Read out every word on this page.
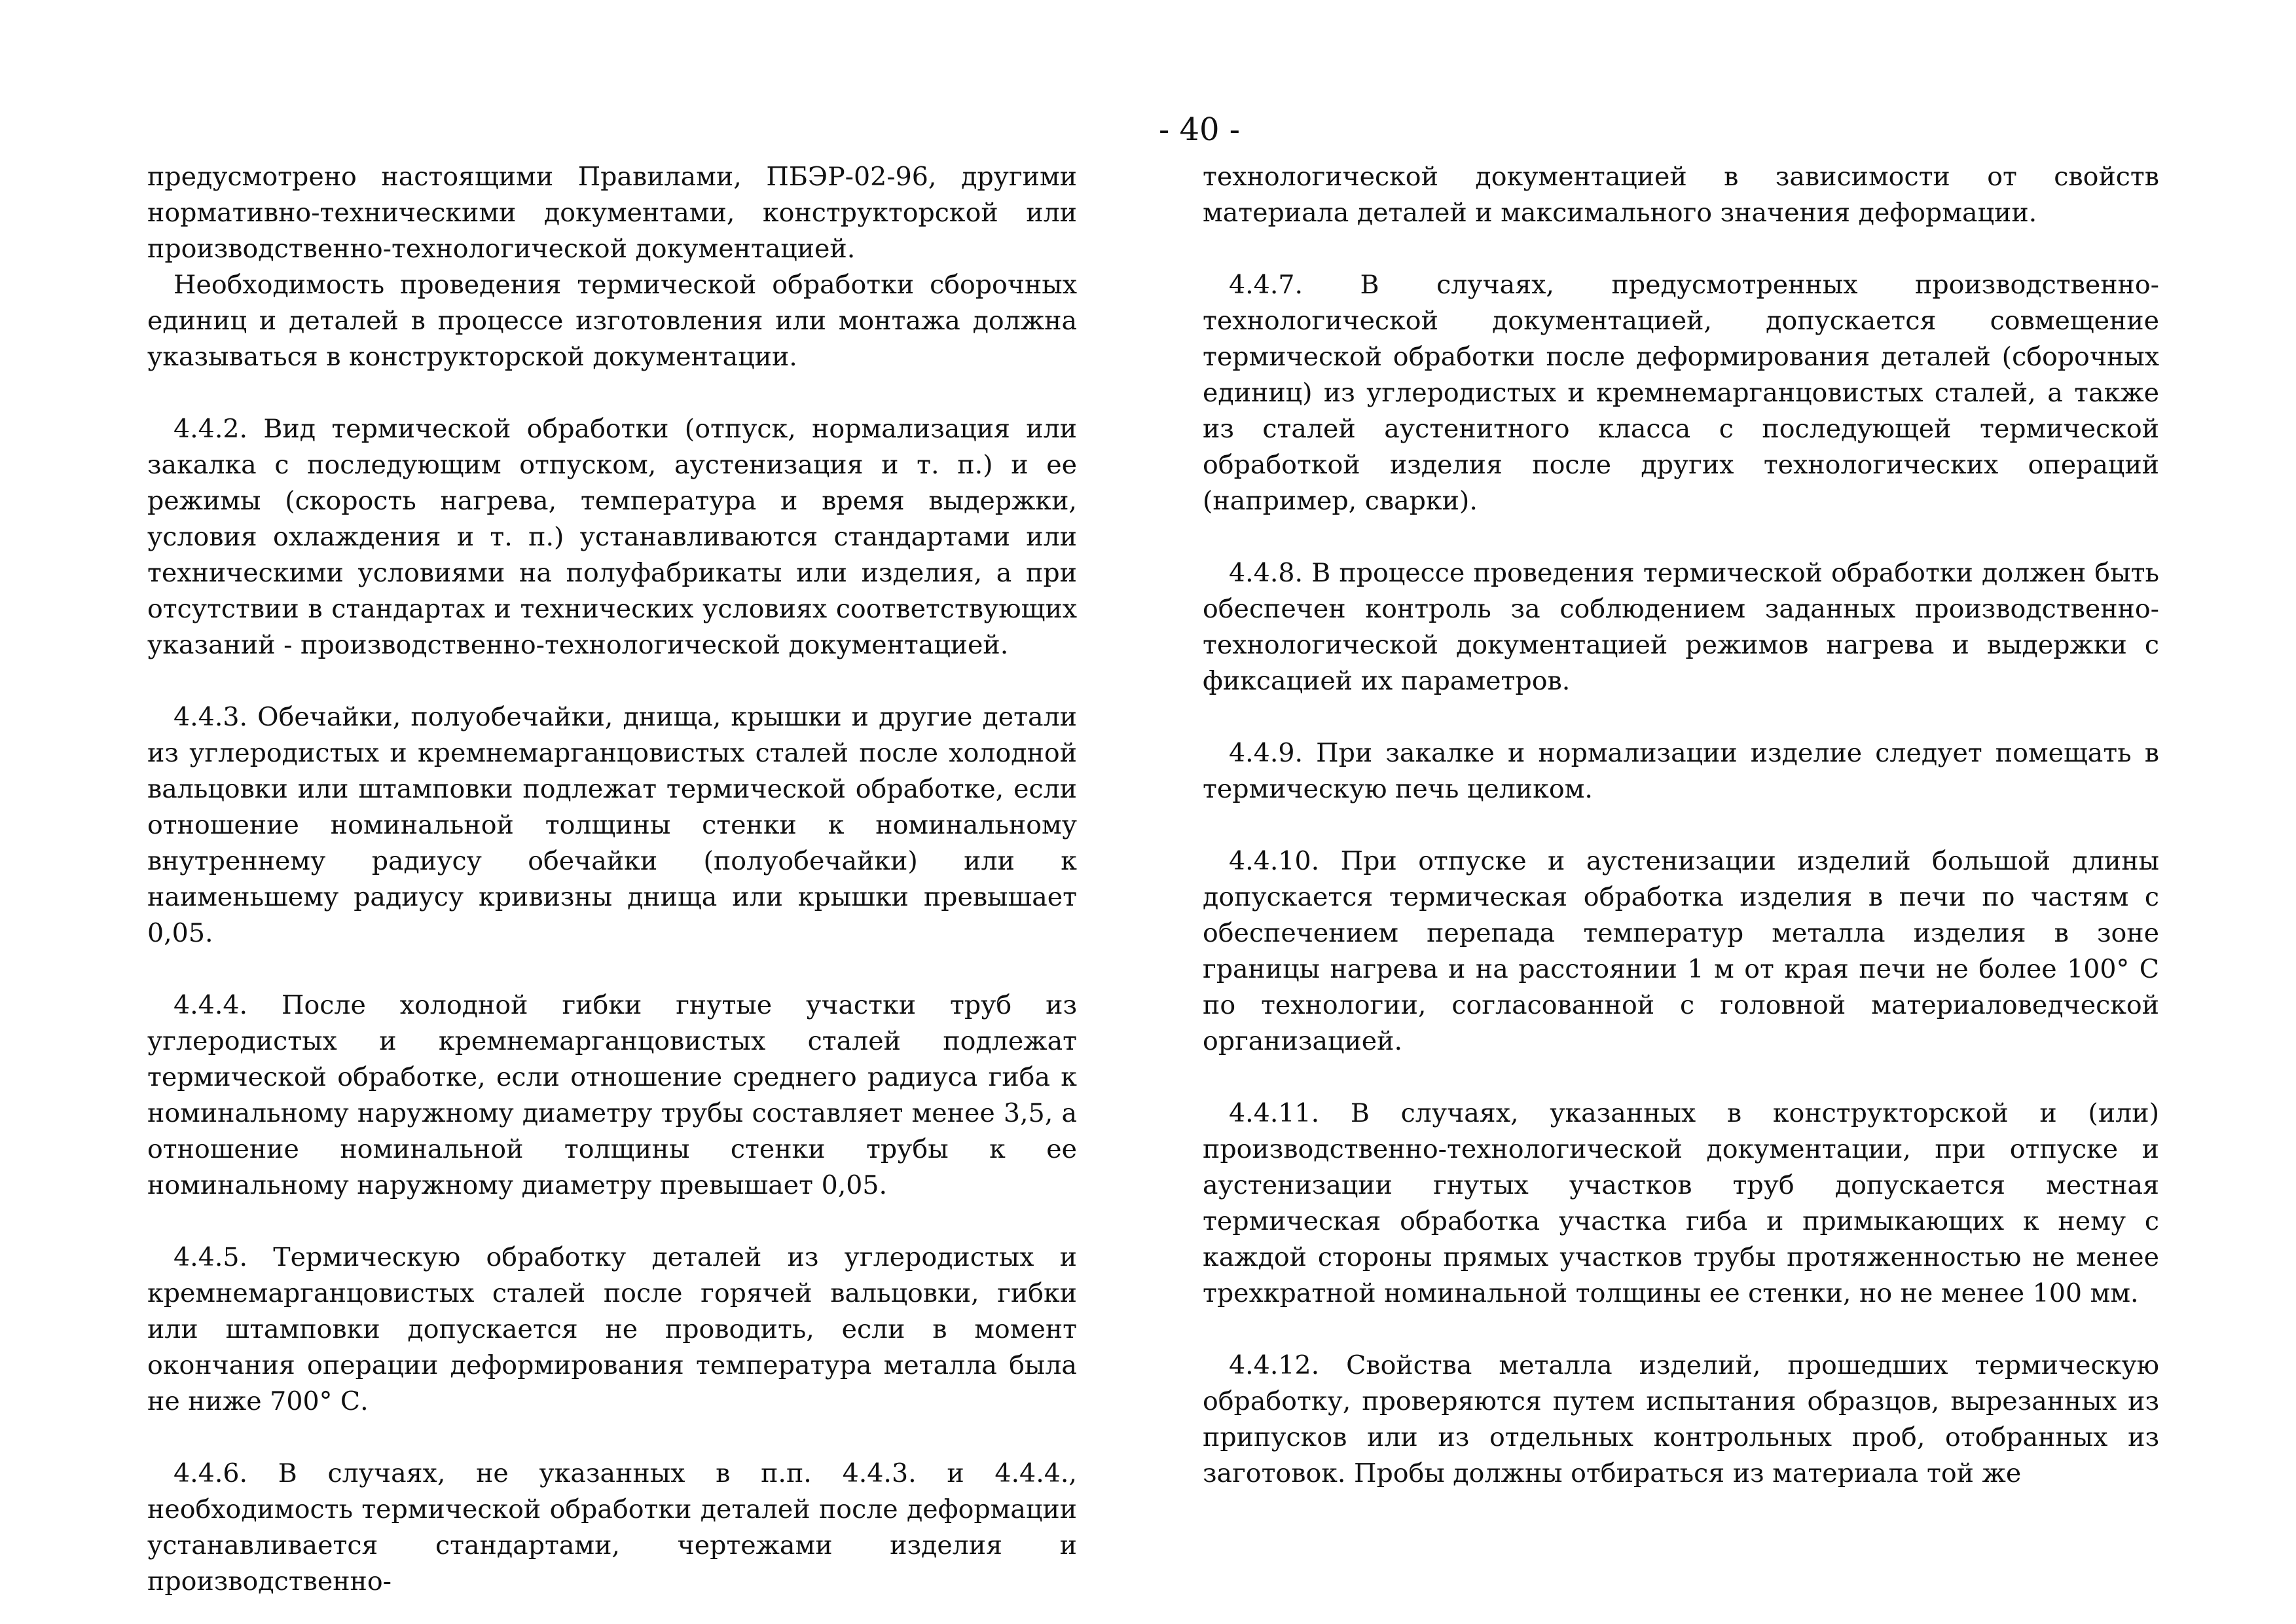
- 40 -

предусмотрено настоящими Правилами, ПБЭР-02-96, другими нормативно-техническими документами, конструкторской или производственно-технологической документацией.

Необходимость проведения термической обработки сборочных единиц и деталей в процессе изготовления или монтажа должна указываться в конструкторской документации.

4.4.2. Вид термической обработки (отпуск, нормализация или закалка с последующим отпуском, аустенизация и т. п.) и ее режимы (скорость нагрева, температура и время выдержки, условия охлаждения и т. п.) устанавливаются стандартами или техническими условиями на полуфабрикаты или изделия, а при отсутствии в стандартах и технических условиях соответствующих указаний - производственно-технологической документацией.

4.4.3. Обечайки, полуобечайки, днища, крышки и другие детали из углеродистых и кремнемарганцовистых сталей после холодной вальцовки или штамповки подлежат термической обработке, если отношение номинальной толщины стенки к номинальному внутреннему радиусу обечайки (полуобечайки) или к наименьшему радиусу кривизны днища или крышки превышает 0,05.

4.4.4. После холодной гибки гнутые участки труб из углеродистых и кремнемарганцовистых сталей подлежат термической обработке, если отношение среднего радиуса гиба к номинальному наружному диаметру трубы составляет менее 3,5, а отношение номинальной толщины стенки трубы к ее номинальному наружному диаметру превышает 0,05.

4.4.5. Термическую обработку деталей из углеродистых и кремнемарганцовистых сталей после горячей вальцовки, гибки или штамповки допускается не проводить, если в момент окончания операции деформирования температура металла была не ниже 700° С.

4.4.6. В случаях, не указанных в п.п. 4.4.3. и 4.4.4., необходимость термической обработки деталей после деформации устанавливается стандартами, чертежами изделия и производственно-

технологической документацией в зависимости от свойств материала деталей и максимального значения деформации.

4.4.7. В случаях, предусмотренных производственно-технологической документацией, допускается совмещение термической обработки после деформирования деталей (сборочных единиц) из углеродистых и кремнемарганцовистых сталей, а также из сталей аустенитного класса с последующей термической обработкой изделия после других технологических операций (например, сварки).

4.4.8. В процессе проведения термической обработки должен быть обеспечен контроль за соблюдением заданных производственно-технологической документацией режимов нагрева и выдержки с фиксацией их параметров.

4.4.9. При закалке и нормализации изделие следует помещать в термическую печь целиком.

4.4.10. При отпуске и аустенизации изделий большой длины допускается термическая обработка изделия в печи по частям с обеспечением перепада температур металла изделия в зоне границы нагрева и на расстоянии 1 м от края печи не более 100° С по технологии, согласованной с головной материаловедческой организацией.

4.4.11. В случаях, указанных в конструкторской и (или) производственно-технологической документации, при отпуске и аустенизации гнутых участков труб допускается местная термическая обработка участка гиба и примыкающих к нему с каждой стороны прямых участков трубы протяженностью не менее трехкратной номинальной толщины ее стенки, но не менее 100 мм.

4.4.12. Свойства металла изделий, прошедших термическую обработку, проверяются путем испытания образцов, вырезанных из припусков или из отдельных контрольных проб, отобранных из заготовок. Пробы должны отбираться из материала той же
